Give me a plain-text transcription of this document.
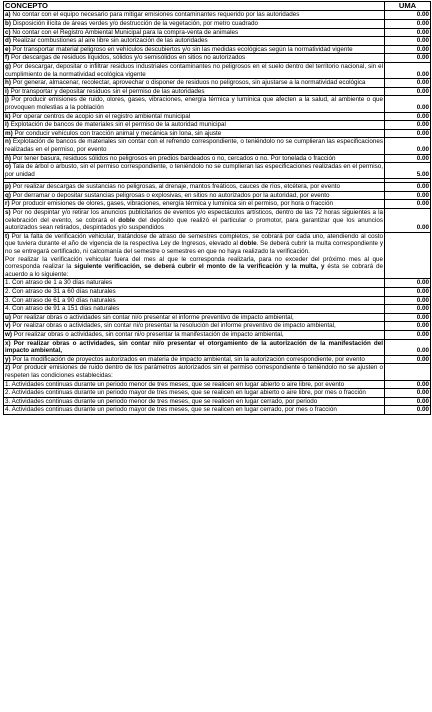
CONCEPTO	UMA
a) No contar con el equipo necesario para mitigar emisiones contaminantes requerido por las autoridades	0.00
b) Disposición ilícita de áreas verdes y/o destrucción de la vegetación, por metro cuadrado	0.00
c) No contar con el Registro Ambiental Municipal para la compra-venta de animales	0.00
d) Realizar combustiones al aire libre sin autorización de las autoridades	0.00
e) Por transportar material peligroso en vehículos descubiertos y/o sin las medidas ecológicas según la normatividad vigente	0.00
f) Por descargas de residuos líquidos, sólidos y/o semisólidos en sitios no autorizados	0.00
g) Por descargar, depositar o infiltrar residuos industriales contaminantes no peligrosos en el suelo dentro del territorio nacional, sin el cumplimiento de la normatividad ecológica vigente	0.00
h) Por generar, almacenar, recolectar, aprovechar o disponer de residuos no peligrosos, sin ajustarse a la normatividad ecológica	0.00
i) Por transportar y depositar residuos sin el permiso de las autoridades	0.00
j) Por producir emisiones de ruido, olores, gases, vibraciones, energía térmica y lumínica que afecten a la salud, al ambiente o que provoquen molestias a la población	0.00
k) Por operar centros de acopio sin el registro ambiental municipal	0.00
l) Explotación de bancos de materiales sin el permiso de la autoridad municipal	0.00
m) Por conducir vehículos con tracción animal y mecánica sin lona, sin ajuste	0.00
n) Explotación de bancos de materiales sin contar con el refrendo correspondiente, o teniéndolo no se cumplieran las especificaciones realizadas en el permiso, por evento	0.00
ñ) Por tener basura, residuos sólidos no peligrosos en predios bardeados o no, cercados o no. Por tonelada o fracción	0.00
o) Tala de árbol o arbusto, sin el permiso correspondiente, o teniéndolo no se cumplieran las especificaciones realizadas en el permiso, por unidad	5.00

p) Por realizar descargas de sustancias no peligrosas, al drenaje, mantos freáticos, cauces de ríos, etcétera, por evento	0.00
q) Por derramar o depositar sustancias peligrosas o explosivas, en sitios no autorizados por la autoridad, por evento	0.00
r) Por producir emisiones de olores, gases, vibraciones, energía térmica y lumínica sin el permiso, por hora o fracción	0.00
s) Por no despintar y/o retirar los anuncios publicitarios de eventos y/o espectáculos artísticos, dentro de las 72 horas siguientes a la celebración del evento, se cobrará el doble del depósito que realizó el particular o promotor, para garantizar que los anuncios autorizados sean retirados, despintados y/o suspendidos	0.00
t) Por la falta de verificación vehicular, tratándose de atraso de semestres completos, se cobrará por cada uno, atendiendo al costo que tuviera durante el año de vigencia de la respectiva Ley de Ingresos, elevado al doble. Se deberá cubrir la multa correspondiente y no se entregará certificado, ni calcomanía del semestre o semestres en que no haya realizado la verificación.
Por realizar la verificación vehicular fuera del mes al que le corresponda realizarla, para no exceder del próximo mes al que corresponda realizar la siguiente verificación, se deberá cubrir el monto de la verificación y la multa, y ésta se cobrará de acuerdo a lo siguiente:	
1. Con atraso de 1 a 30 días naturales	0.00
2. Con atraso de 31 a 60 días naturales	0.00
3. Con atraso de 61 a 90 días naturales	0.00
4. Con atraso de 91 a 151 días naturales	0.00
u) Por realizar obras o actividades sin contar ni/o presentar el informe preventivo de impacto ambiental,	0.00
v) Por realizar obras o actividades, sin contar ni/o presentar la resolución del informe preventivo de impacto ambiental,	0.00
w) Por realizar obras o actividades, sin contar ni/o presentar la manifestación de impacto ambiental,	0.00
x) Por realizar obras o actividades, sin contar ni/o presentar el otorgamiento de la autorización de la manifestación del impacto ambiental,	0.00
y) Por la modificación de proyectos autorizados en materia de impacto ambiental, sin la autorización correspondiente, por evento	0.00
z) Por producir emisiones de ruido dentro de los parámetros autorizados sin el permiso correspondiente o teniéndolo no se ajusten o respeten las condiciones establecidas:	
1. Actividades continuas durante un periodo menor de tres meses, que se realicen en lugar abierto o aire libre, por evento	0.00
2. Actividades continuas durante un periodo mayor de tres meses, que se realicen en lugar abierto o aire libre, por mes o fracción	0.00
3. Actividades continuas durante un periodo menor de tres meses, que se realicen en lugar cerrado, por periodo	0.00
4. Actividades continuas durante un periodo mayor de tres meses, que se realicen en lugar cerrado, por mes o fracción	0.00
